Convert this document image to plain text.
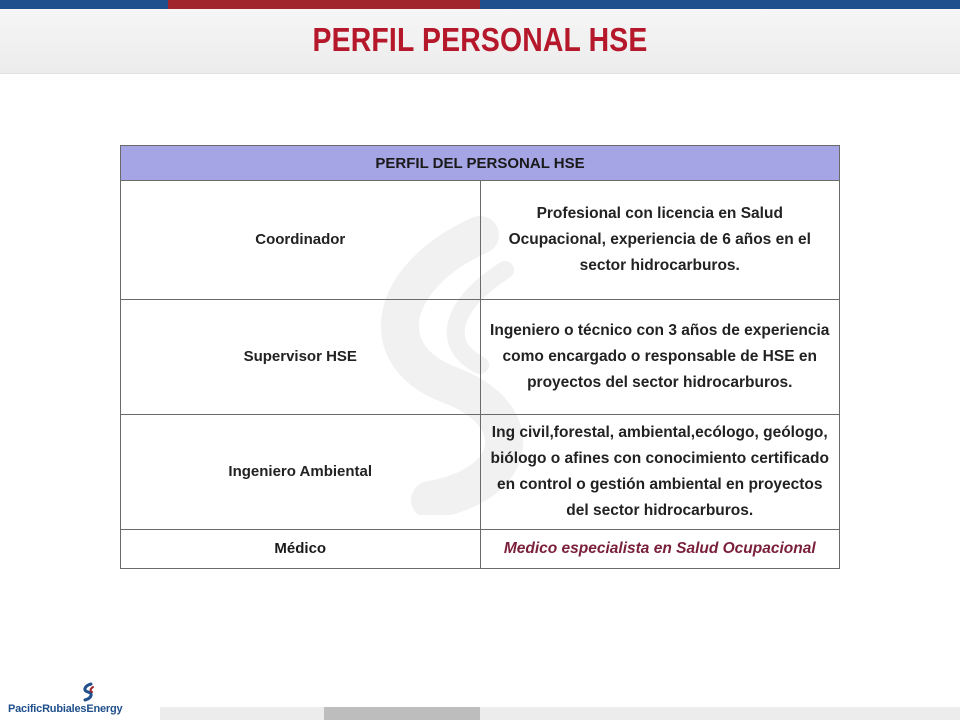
PERFIL PERSONAL HSE
PERFIL DEL PERSONAL HSE	
Coordinador	Profesional con licencia en Salud Ocupacional, experiencia de 6 años en el sector hidrocarburos.
Supervisor HSE	Ingeniero o técnico con 3 años de experiencia como encargado o responsable de HSE en proyectos del sector hidrocarburos.
Ingeniero Ambiental	Ing civil,forestal, ambiental,ecólogo, geólogo, biólogo o afines con conocimiento certificado en control o gestión ambiental en proyectos del sector hidrocarburos.
Médico	Medico especialista en Salud Ocupacional
PacificRubialesEnergy
